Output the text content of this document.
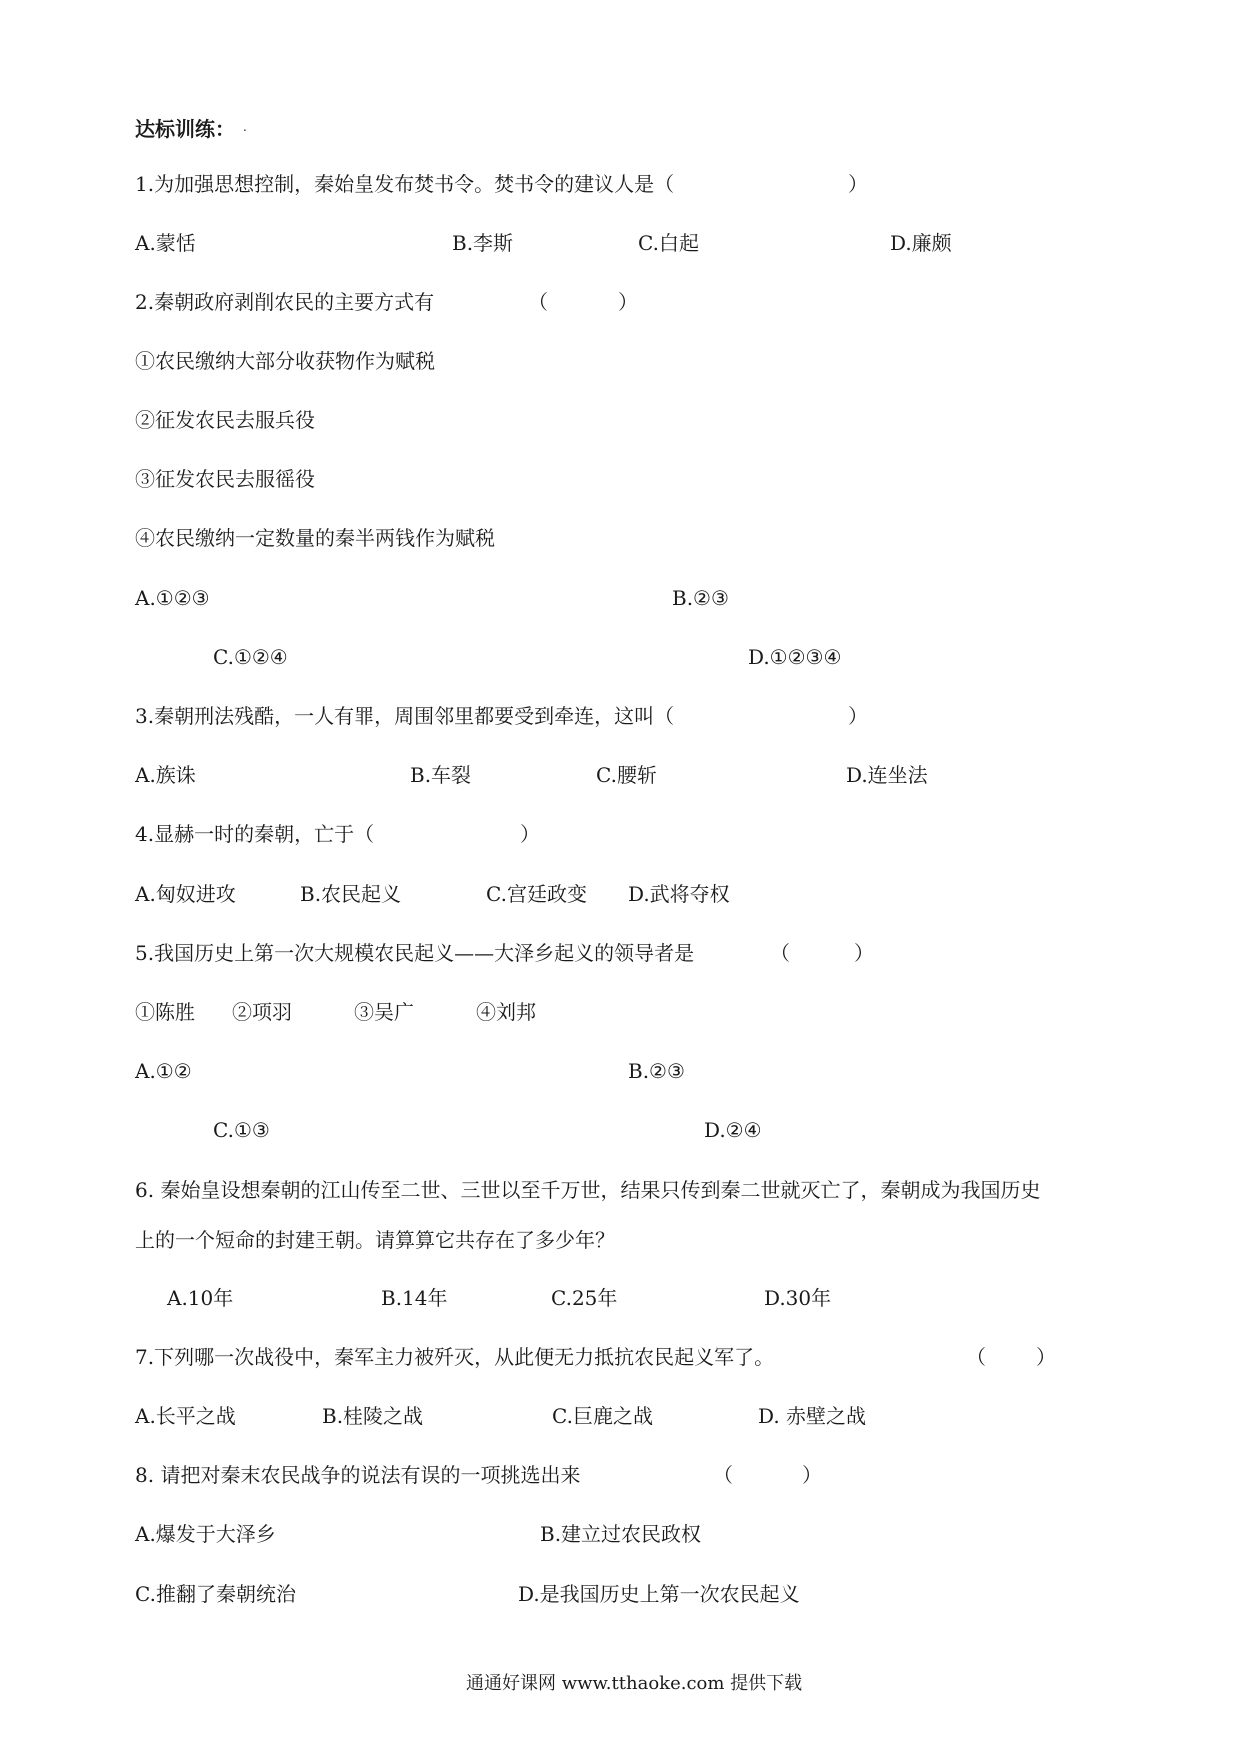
达标训练： .
1.为加强思想控制，秦始皇发布焚书令。焚书令的建议人是（	）
A.蒙恬	B.李斯	C.白起	D.廉颇
2.秦朝政府剥削农民的主要方式有	（	）
①农民缴纳大部分收获物作为赋税
②征发农民去服兵役
③征发农民去服徭役
④农民缴纳一定数量的秦半两钱作为赋税
A.①②③	B.②③
C.①②④	D.①②③④
3.秦朝刑法残酷，一人有罪，周围邻里都要受到牵连，这叫（	）
A.族诛	B.车裂	C.腰斩	D.连坐法
4.显赫一时的秦朝，亡于（	）
A.匈奴进攻	B.农民起义	C.宫廷政变 D.武将夺权
5.我国历史上第一次大规模农民起义——大泽乡起义的领导者是	（	）
①陈胜 ②项羽	③吴广	④刘邦
A.①②	B.②③
C.①③	D.②④
6. 秦始皇设想秦朝的江山传至二世、三世以至千万世，结果只传到秦二世就灭亡了，秦朝成为我国历史
上的一个短命的封建王朝。请算算它共存在了多少年？
A.10年	B.14年	C.25年	D.30年
7.下列哪一次战役中，秦军主力被歼灭，从此便无力抵抗农民起义军了。	（	）
A.长平之战	B.桂陵之战	C.巨鹿之战	D. 赤壁之战
8. 请把对秦末农民战争的说法有误的一项挑选出来	（	）
A.爆发于大泽乡	B.建立过农民政权
C.推翻了秦朝统治	D.是我国历史上第一次农民起义
通通好课网 www.tthaoke.com 提供下载
